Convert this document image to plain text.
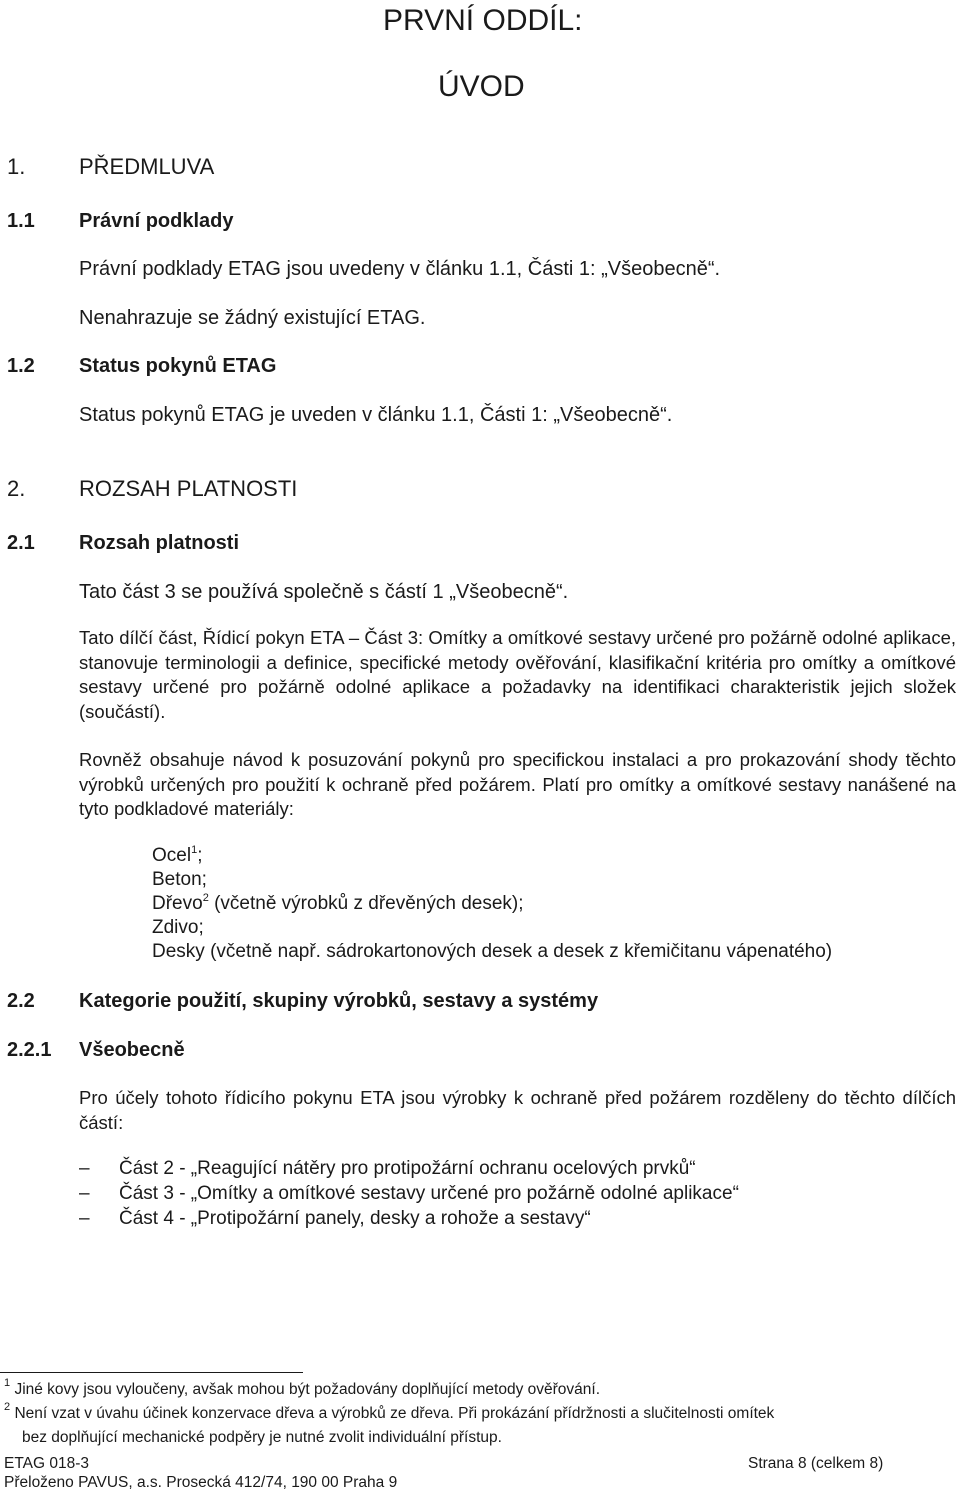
PRVNÍ ODDÍL:
ÚVOD
1. PŘEDMLUVA
1.1 Právní podklady
Právní podklady ETAG jsou uvedeny v článku 1.1, Části 1: „Všeobecně“.
Nenahrazuje se žádný existující ETAG.
1.2 Status pokynů ETAG
Status pokynů ETAG je uveden v článku 1.1, Části 1: „Všeobecně“.
2. ROZSAH PLATNOSTI
2.1 Rozsah platnosti
Tato část 3 se používá společně s částí 1 „Všeobecně“.
Tato dílčí část, Řídicí pokyn ETA – Část 3: Omítky a omítkové sestavy určené pro požárně odolné aplikace, stanovuje terminologii a definice, specifické metody ověřování, klasifikační kritéria pro omítky a omítkové sestavy určené pro požárně odolné aplikace a požadavky na identifikaci charakteristik jejich složek (součástí).
Rovněž obsahuje návod k posuzování pokynů pro specifickou instalaci a pro prokazování shody těchto výrobků určených pro použití k ochraně před požárem. Platí pro omítky a omítkové sestavy nanášené na tyto podkladové materiály:
Ocel$^1$;
Beton;
Dřevo$^2$ (včetně výrobků z dřevěných desek);
Zdivo;
Desky (včetně např. sádrokartonových desek a desek z křemičitanu vápenatého)
2.2 Kategorie použití, skupiny výrobků, sestavy a systémy
2.2.1 Všeobecně
Pro účely tohoto řídicího pokynu ETA jsou výrobky k ochraně před požárem rozděleny do těchto dílčích částí:
– Část 2 - „Reagující nátěry pro protipožární ochranu ocelových prvků“
– Část 3 - „Omítky a omítkové sestavy určené pro požárně odolné aplikace“
– Část 4 - „Protipožární panely, desky a rohože a sestavy“
$^1$ Jiné kovy jsou vyloučeny, avšak mohou být požadovány doplňující metody ověřování.
$^2$ Není vzat v úvahu účinek konzervace dřeva a výrobků ze dřeva. Při prokázání přídržnosti a slučitelnosti omítek
bez doplňující mechanické podpěry je nutné zvolit individuální přístup.
ETAG 018-3	Strana 8 (celkem 8)
Přeloženo PAVUS, a.s. Prosecká 412/74, 190 00 Praha 9
